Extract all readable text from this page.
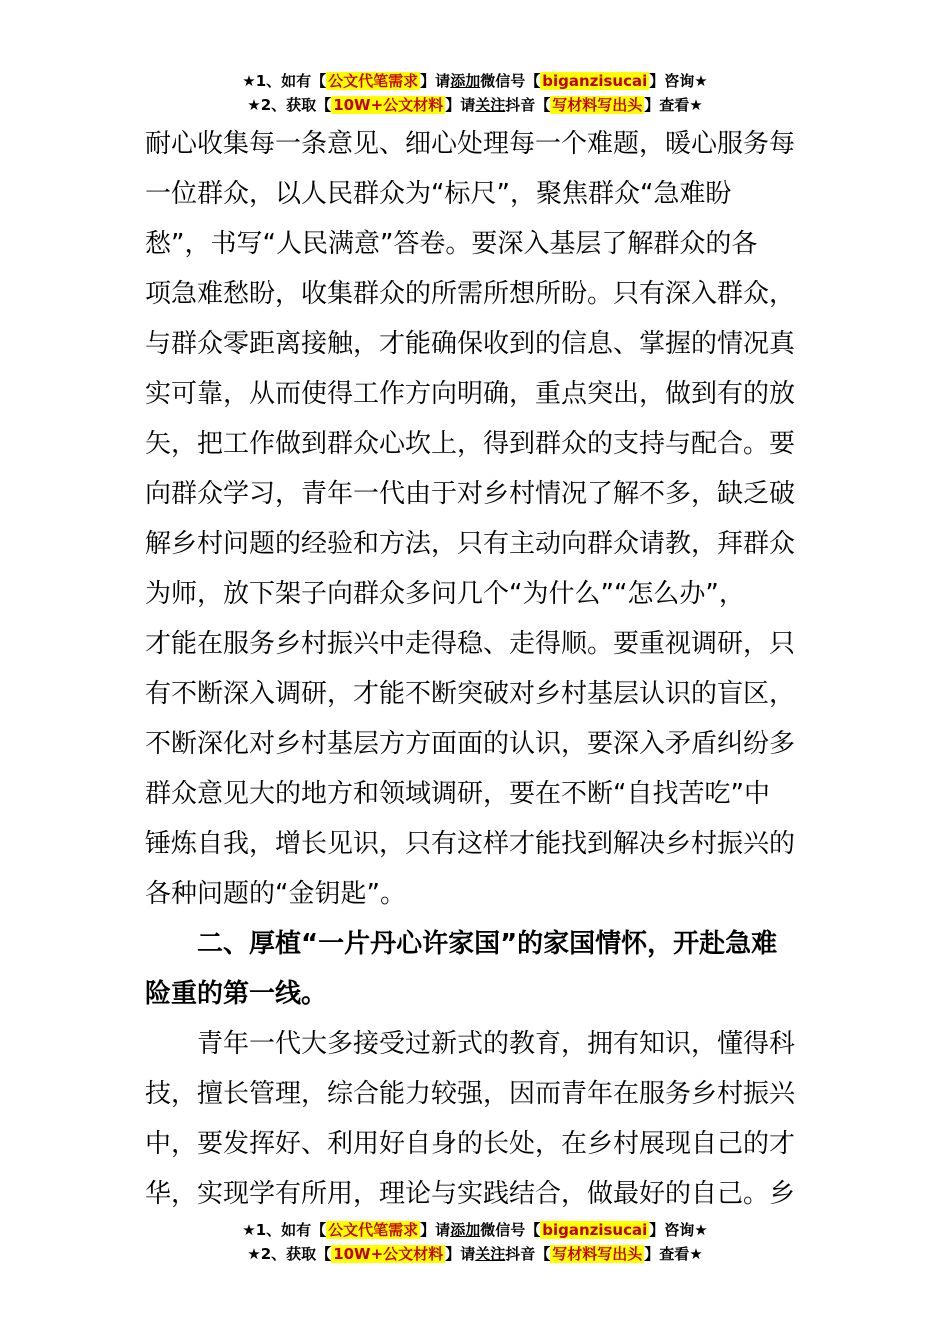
★1、如有【 公文代笔需求 】请添加微信号【 biganzisucai 】咨询★
★2、获取【 10W+公文材料 】请关注抖音【 写材料写出头 】查看★
耐心收集每一条意见、细心处理每一个难题，暖心服务每
一位群众，以人民群众为“标尺”，聚焦群众“急难盼
愁”，书写“人民满意”答卷。要深入基层了解群众的各
项急难愁盼，收集群众的所需所想所盼。只有深入群众，
与群众零距离接触，才能确保收到的信息、掌握的情况真
实可靠，从而使得工作方向明确，重点突出，做到有的放
矢，把工作做到群众心坎上，得到群众的支持与配合。要
向群众学习，青年一代由于对乡村情况了解不多，缺乏破
解乡村问题的经验和方法，只有主动向群众请教，拜群众
为师，放下架子向群众多问几个“为什么”“怎么办”，
才能在服务乡村振兴中走得稳、走得顺。要重视调研，只
有不断深入调研，才能不断突破对乡村基层认识的盲区，
不断深化对乡村基层方方面面的认识，要深入矛盾纠纷多
群众意见大的地方和领域调研，要在不断“自找苦吃”中
锤炼自我，增长见识，只有这样才能找到解决乡村振兴的
各种问题的“金钥匙”。
二、厚植“一片丹心许家国”的家国情怀，开赴急难
险重的第一线。
青年一代大多接受过新式的教育，拥有知识，懂得科
技，擅长管理，综合能力较强，因而青年在服务乡村振兴
中，要发挥好、利用好自身的长处，在乡村展现自己的才
华，实现学有所用，理论与实践结合，做最好的自己。乡
★1、如有【 公文代笔需求 】请添加微信号【 biganzisucai 】咨询★
★2、获取【 10W+公文材料 】请关注抖音【 写材料写出头 】查看★
